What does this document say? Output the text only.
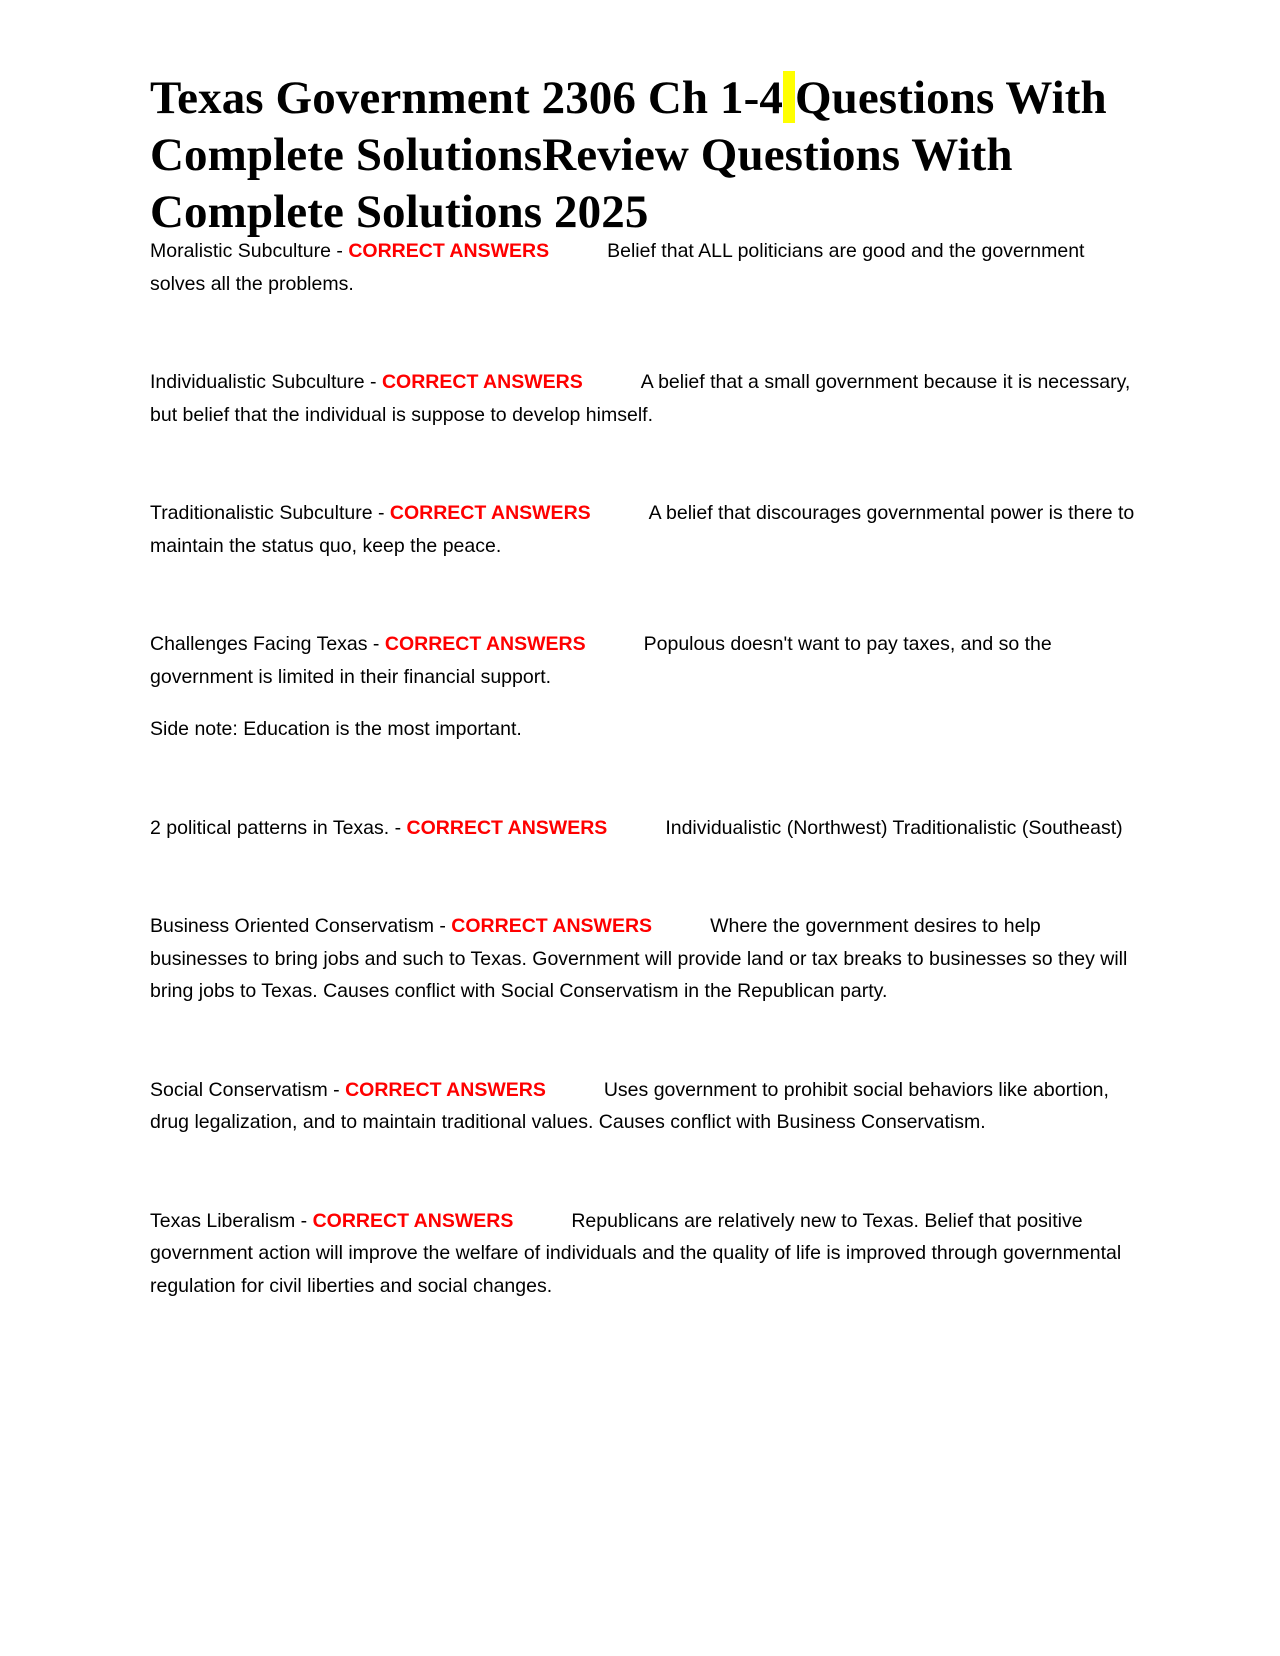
Texas Government 2306 Ch 1-4 Questions With Complete SolutionsReview Questions With Complete Solutions 2025

Moralistic Subculture - CORRECT ANSWERS	Belief that ALL politicians are good and the government solves all the problems.

Individualistic Subculture - CORRECT ANSWERS	A belief that a small government because it is necessary, but belief that the individual is suppose to develop himself.

Traditionalistic Subculture - CORRECT ANSWERS	A belief that discourages governmental power is there to maintain the status quo, keep the peace.

Challenges Facing Texas - CORRECT ANSWERS	Populous doesn't want to pay taxes, and so the government is limited in their financial support.

Side note: Education is the most important.

2 political patterns in Texas. - CORRECT ANSWERS	Individualistic (Northwest) Traditionalistic (Southeast)

Business Oriented Conservatism - CORRECT ANSWERS	Where the government desires to help businesses to bring jobs and such to Texas. Government will provide land or tax breaks to businesses so they will bring jobs to Texas. Causes conflict with Social Conservatism in the Republican party.

Social Conservatism - CORRECT ANSWERS	Uses government to prohibit social behaviors like abortion, drug legalization, and to maintain traditional values. Causes conflict with Business Conservatism.

Texas Liberalism - CORRECT ANSWERS	Republicans are relatively new to Texas. Belief that positive government action will improve the welfare of individuals and the quality of life is improved through governmental regulation for civil liberties and social changes.
